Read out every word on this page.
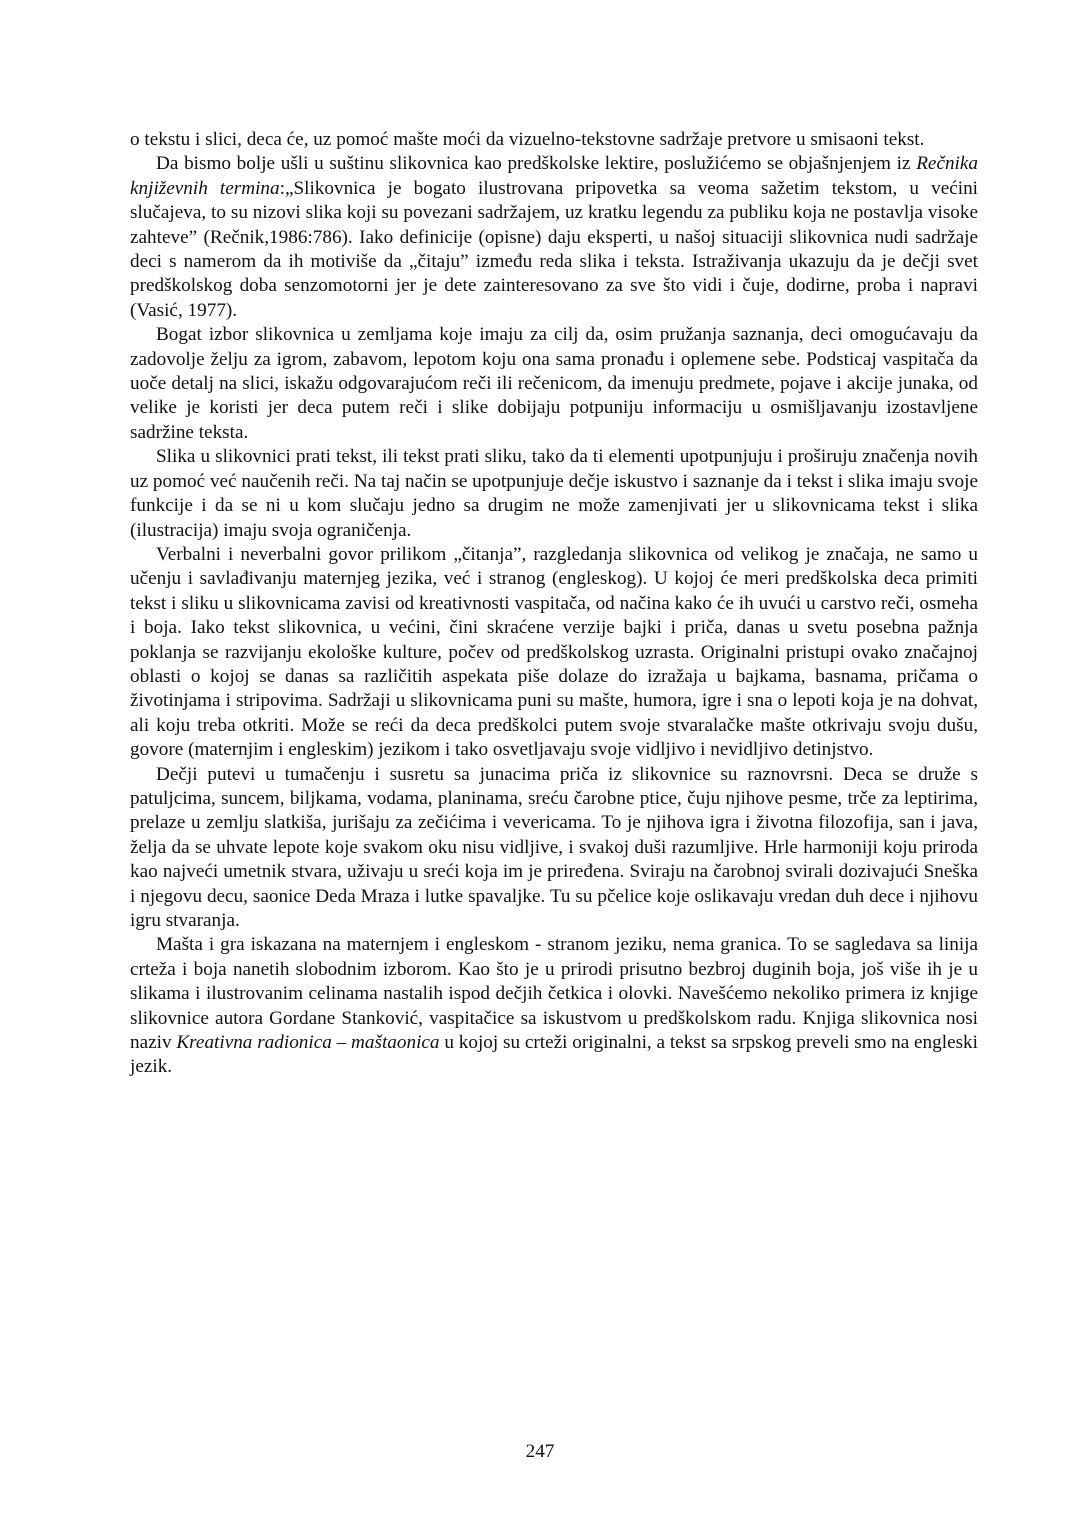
o tekstu i slici, deca će, uz pomoć mašte moći da vizuelno-tekstovne sadržaje pretvore u smisaoni tekst.

Da bismo bolje ušli u suštinu slikovnica kao predškolske lektire, poslužićemo se objašnjenjem iz Rečnika književnih termina:„Slikovnica je bogato ilustrovana pripovetka sa veoma sažetim tekstom, u većini slučajeva, to su nizovi slika koji su povezani sadržajem, uz kratku legendu za publiku koja ne postavlja visoke zahteve” (Rečnik,1986:786). Iako definicije (opisne) daju eksperti, u našoj situaciji slikovnica nudi sadržaje deci s namerom da ih motiviše da „čitaju” između reda slika i teksta. Istraživanja ukazuju da je dečji svet predškolskog doba senzomotorni jer je dete zainteresovano za sve što vidi i čuje, dodirne, proba i napravi (Vasić, 1977).

Bogat izbor slikovnica u zemljama koje imaju za cilj da, osim pružanja saznanja, deci omogućavaju da zadovolje želju za igrom, zabavom, lepotom koju ona sama pronađu i oplemene sebe. Podsticaj vaspitača da uoče detalj na slici, iskažu odgovarajućom reči ili rečenicom, da imenuju predmete, pojave i akcije junaka, od velike je koristi jer deca putem reči i slike dobijaju potpuniju informaciju u osmišljavanju izostavljene sadržine teksta.

Slika u slikovnici prati tekst, ili tekst prati sliku, tako da ti elementi upotpunjuju i proširuju značenja novih uz pomoć već naučenih reči. Na taj način se upotpunjuje dečje iskustvo i saznanje da i tekst i slika imaju svoje funkcije i da se ni u kom slučaju jedno sa drugim ne može zamenjivati jer u slikovnicama tekst i slika (ilustracija) imaju svoja ograničenja.

Verbalni i neverbalni govor prilikom „čitanja”, razgledanja slikovnica od velikog je značaja, ne samo u učenju i savlađivanju maternjeg jezika, već i stranog (engleskog). U kojoj će meri predškolska deca primiti tekst i sliku u slikovnicama zavisi od kreativnosti vaspitača, od načina kako će ih uvući u carstvo reči, osmeha i boja. Iako tekst slikovnica, u većini, čini skraćene verzije bajki i priča, danas u svetu posebna pažnja poklanja se razvijanju ekološke kulture, počev od predškolskog uzrasta. Originalni pristupi ovako značajnoj oblasti o kojoj se danas sa različitih aspekata piše dolaze do izražaja u bajkama, basnama, pričama o životinjama i stripovima. Sadržaji u slikovnicama puni su mašte, humora, igre i sna o lepoti koja je na dohvat, ali koju treba otkriti. Može se reći da deca predškolci putem svoje stvaralačke mašte otkrivaju svoju dušu, govore (maternjim i engleskim) jezikom i tako osvetljavaju svoje vidljivo i nevidljivo detinjstvo.

Dečji putevi u tumačenju i susretu sa junacima priča iz slikovnice su raznovrsni. Deca se druže s patuljcima, suncem, biljkama, vodama, planinama, sreću čarobne ptice, čuju njihove pesme, trče za leptirima, prelaze u zemlju slatkiša, jurišaju za zečićima i vevericama. To je njihova igra i životna filozofija, san i java, želja da se uhvate lepote koje svakom oku nisu vidljive, i svakoj duši razumljive. Hrle harmoniji koju priroda kao najveći umetnik stvara, uživaju u sreći koja im je priređena. Sviraju na čarobnoj svirali dozivajući Sneška i njegovu decu, saonice Deda Mraza i lutke spavaljke. Tu su pčelice koje oslikavaju vredan duh dece i njihovu igru stvaranja.

Mašta i gra iskazana na maternjem i engleskom - stranom jeziku, nema granica. To se sagledava sa linija crteža i boja nanetih slobodnim izborom. Kao što je u prirodi prisutno bezbroj duginih boja, još više ih je u slikama i ilustrovanim celinama nastalih ispod dečjih četkica i olovki. Navešćemo nekoliko primera iz knjige slikovnice autora Gordane Stanković, vaspitačice sa iskustvom u predškolskom radu. Knjiga slikovnica nosi naziv Kreativna radionica – maštaonica u kojoj su crteži originalni, a tekst sa srpskog preveli smo na engleski jezik.

247
